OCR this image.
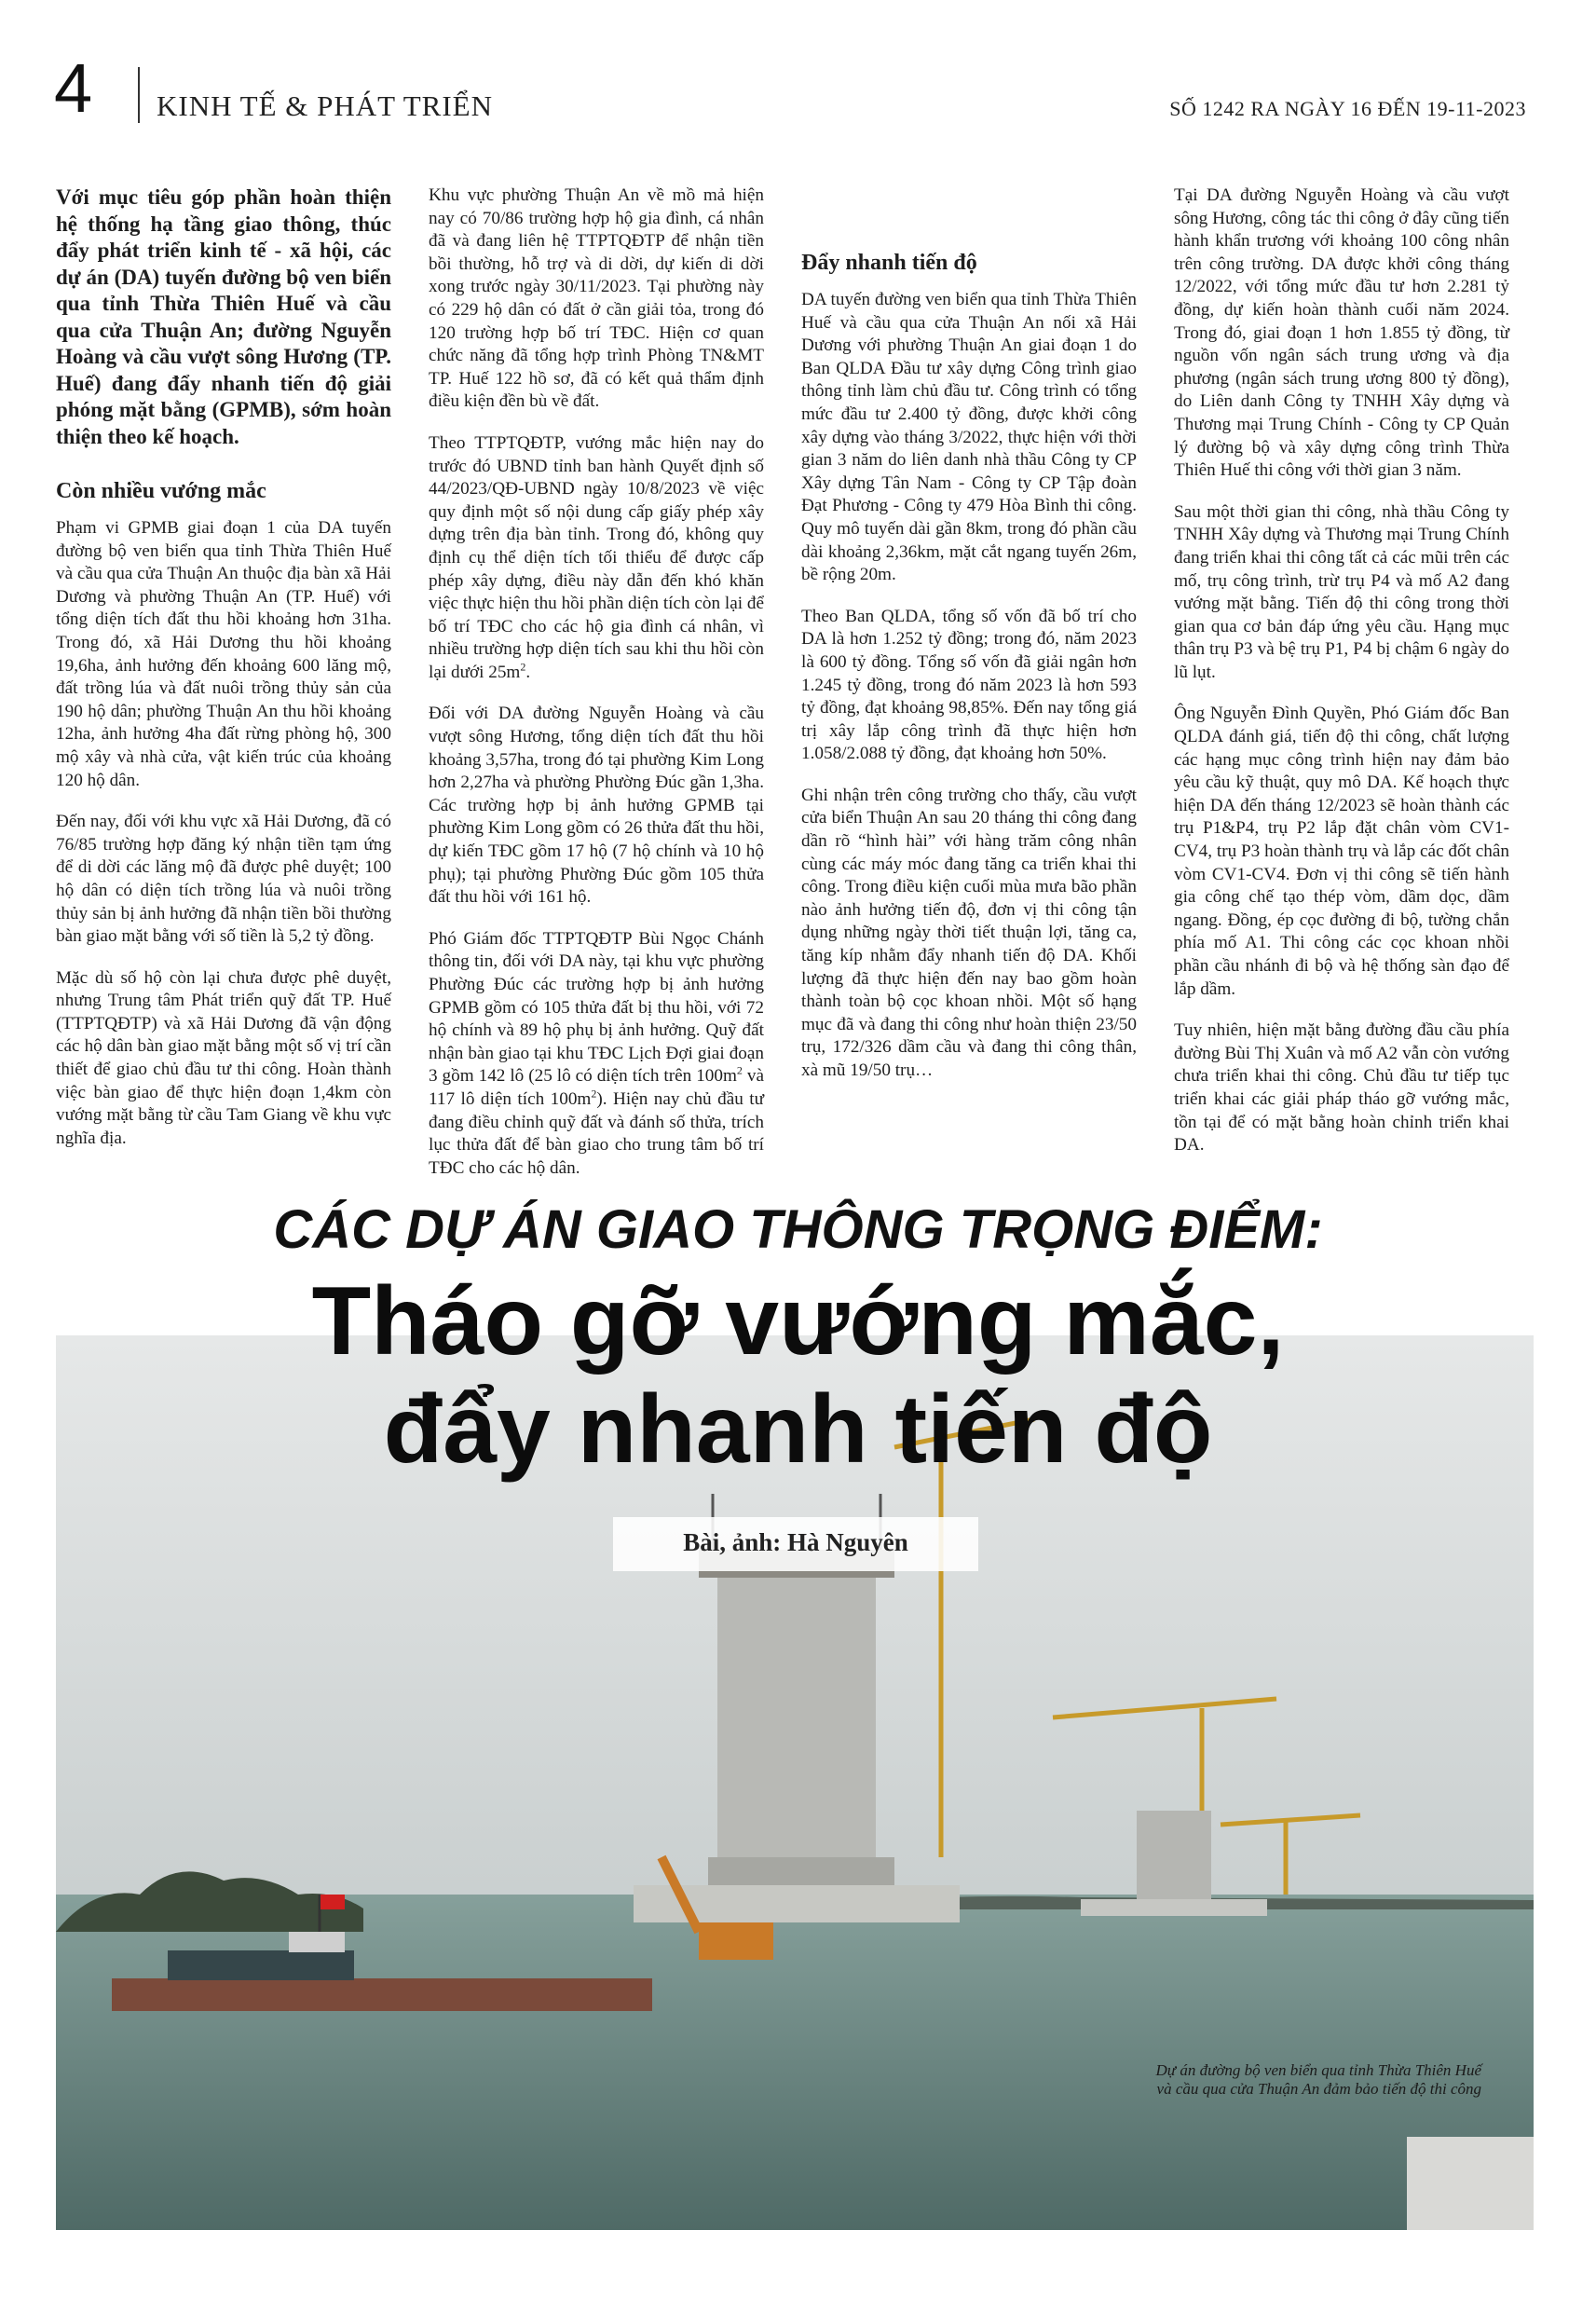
4 KINH TẾ & PHÁT TRIỂN	SỐ 1242 RA NGÀY 16 ĐẾN 19-11-2023

Với mục tiêu góp phần hoàn thiện hệ thống hạ tầng giao thông, thúc đẩy phát triển kinh tế - xã hội, các dự án (DA) tuyến đường bộ ven biển qua tỉnh Thừa Thiên Huế và cầu qua cửa Thuận An; đường Nguyễn Hoàng và cầu vượt sông Hương (TP. Huế) đang đẩy nhanh tiến độ giải phóng mặt bằng (GPMB), sớm hoàn thiện theo kế hoạch.

Còn nhiều vướng mắc

Phạm vi GPMB giai đoạn 1 của DA tuyến đường bộ ven biển qua tỉnh Thừa Thiên Huế và cầu qua cửa Thuận An thuộc địa bàn xã Hải Dương và phường Thuận An (TP. Huế) với tổng diện tích đất thu hồi khoảng hơn 31ha. Trong đó, xã Hải Dương thu hồi khoảng 19,6ha, ảnh hưởng đến khoảng 600 lăng mộ, đất trồng lúa và đất nuôi trồng thủy sản của 190 hộ dân; phường Thuận An thu hồi khoảng 12ha, ảnh hưởng 4ha đất rừng phòng hộ, 300 mộ xây và nhà cửa, vật kiến trúc của khoảng 120 hộ dân.

Đến nay, đối với khu vực xã Hải Dương, đã có 76/85 trường hợp đăng ký nhận tiền tạm ứng để di dời các lăng mộ đã được phê duyệt; 100 hộ dân có diện tích trồng lúa và nuôi trồng thủy sản bị ảnh hưởng đã nhận tiền bồi thường bàn giao mặt bằng với số tiền là 5,2 tỷ đồng.

Mặc dù số hộ còn lại chưa được phê duyệt, nhưng Trung tâm Phát triển quỹ đất TP. Huế (TTPTQĐTP) và xã Hải Dương đã vận động các hộ dân bàn giao mặt bằng một số vị trí cần thiết để giao chủ đầu tư thi công. Hoàn thành việc bàn giao để thực hiện đoạn 1,4km còn vướng mặt bằng từ cầu Tam Giang về khu vực nghĩa địa.

Khu vực phường Thuận An về mồ mả hiện nay có 70/86 trường hợp hộ gia đình, cá nhân đã và đang liên hệ TTPTQĐTP để nhận tiền bồi thường, hỗ trợ và di dời, dự kiến di dời xong trước ngày 30/11/2023. Tại phường này có 229 hộ dân có đất ở cần giải tỏa, trong đó 120 trường hợp bố trí TĐC. Hiện cơ quan chức năng đã tổng hợp trình Phòng TN&MT TP. Huế 122 hồ sơ, đã có kết quả thẩm định điều kiện đền bù về đất.

Theo TTPTQĐTP, vướng mắc hiện nay do trước đó UBND tỉnh ban hành Quyết định số 44/2023/QĐ-UBND ngày 10/8/2023 về việc quy định một số nội dung cấp giấy phép xây dựng trên địa bàn tỉnh. Trong đó, không quy định cụ thể diện tích tối thiểu để được cấp phép xây dựng, điều này dẫn đến khó khăn việc thực hiện thu hồi phần diện tích còn lại để bố trí TĐC cho các hộ gia đình cá nhân, vì nhiều trường hợp diện tích sau khi thu hồi còn lại dưới $25m^2$.

Đối với DA đường Nguyễn Hoàng và cầu vượt sông Hương, tổng diện tích đất thu hồi khoảng 3,57ha, trong đó tại phường Kim Long hơn 2,27ha và phường Phường Đúc gần 1,3ha. Các trường hợp bị ảnh hưởng GPMB tại phường Kim Long gồm có 26 thửa đất thu hồi, dự kiến TĐC gồm 17 hộ (7 hộ chính và 10 hộ phụ); tại phường Phường Đúc gồm 105 thửa đất thu hồi với 161 hộ.

Phó Giám đốc TTPTQĐTP Bùi Ngọc Chánh thông tin, đối với DA này, tại khu vực phường Phường Đúc các trường hợp bị ảnh hưởng GPMB gồm có 105 thửa đất bị thu hồi, với 72 hộ chính và 89 hộ phụ bị ảnh hưởng. Quỹ đất nhận bàn giao tại khu TĐC Lịch Đợi giai đoạn 3 gồm 142 lô (25 lô có diện tích trên $100m^2$ và 117 lô diện tích $100m^2$). Hiện nay chủ đầu tư đang điều chỉnh quỹ đất và đánh số thửa, trích lục thửa đất để bàn giao cho trung tâm bố trí TĐC cho các hộ dân.

Đẩy nhanh tiến độ

DA tuyến đường ven biển qua tỉnh Thừa Thiên Huế và cầu qua cửa Thuận An nối xã Hải Dương với phường Thuận An giai đoạn 1 do Ban QLDA Đầu tư xây dựng Công trình giao thông tỉnh làm chủ đầu tư. Công trình có tổng mức đầu tư 2.400 tỷ đồng, được khởi công xây dựng vào tháng 3/2022, thực hiện với thời gian 3 năm do liên danh nhà thầu Công ty CP Xây dựng Tân Nam - Công ty CP Tập đoàn Đạt Phương - Công ty 479 Hòa Bình thi công. Quy mô tuyến dài gần 8km, trong đó phần cầu dài khoảng 2,36km, mặt cắt ngang tuyến 26m, bề rộng 20m.

Theo Ban QLDA, tổng số vốn đã bố trí cho DA là hơn 1.252 tỷ đồng; trong đó, năm 2023 là 600 tỷ đồng. Tổng số vốn đã giải ngân hơn 1.245 tỷ đồng, trong đó năm 2023 là hơn 593 tỷ đồng, đạt khoảng 98,85%. Đến nay tổng giá trị xây lắp công trình đã thực hiện hơn 1.058/2.088 tỷ đồng, đạt khoảng hơn 50%.

Ghi nhận trên công trường cho thấy, cầu vượt cửa biển Thuận An sau 20 tháng thi công đang dần rõ “hình hài” với hàng trăm công nhân cùng các máy móc đang tăng ca triển khai thi công. Trong điều kiện cuối mùa mưa bão phần nào ảnh hưởng tiến độ, đơn vị thi công tận dụng những ngày thời tiết thuận lợi, tăng ca, tăng kíp nhằm đẩy nhanh tiến độ DA. Khối lượng đã thực hiện đến nay bao gồm hoàn thành toàn bộ cọc khoan nhồi. Một số hạng mục đã và đang thi công như hoàn thiện 23/50 trụ, 172/326 dầm cầu và đang thi công thân, xà mũ 19/50 trụ…

Tại DA đường Nguyễn Hoàng và cầu vượt sông Hương, công tác thi công ở đây cũng tiến hành khẩn trương với khoảng 100 công nhân trên công trường. DA được khởi công tháng 12/2022, với tổng mức đầu tư hơn 2.281 tỷ đồng, dự kiến hoàn thành cuối năm 2024. Trong đó, giai đoạn 1 hơn 1.855 tỷ đồng, từ nguồn vốn ngân sách trung ương và địa phương (ngân sách trung ương 800 tỷ đồng), do Liên danh Công ty TNHH Xây dựng và Thương mại Trung Chính - Công ty CP Quản lý đường bộ và xây dựng công trình Thừa Thiên Huế thi công với thời gian 3 năm.

Sau một thời gian thi công, nhà thầu Công ty TNHH Xây dựng và Thương mại Trung Chính đang triển khai thi công tất cả các mũi trên các mố, trụ công trình, trừ trụ P4 và mố A2 đang vướng mặt bằng. Tiến độ thi công trong thời gian qua cơ bản đáp ứng yêu cầu. Hạng mục thân trụ P3 và bệ trụ P1, P4 bị chậm 6 ngày do lũ lụt.

Ông Nguyễn Đình Quyền, Phó Giám đốc Ban QLDA đánh giá, tiến độ thi công, chất lượng các hạng mục công trình hiện nay đảm bảo yêu cầu kỹ thuật, quy mô DA. Kế hoạch thực hiện DA đến tháng 12/2023 sẽ hoàn thành các trụ P1&P4, trụ P2 lắp đặt chân vòm CV1-CV4, trụ P3 hoàn thành trụ và lắp các đốt chân vòm CV1-CV4. Đơn vị thi công sẽ tiến hành gia công chế tạo thép vòm, dầm dọc, dầm ngang. Đồng, ép cọc đường đi bộ, tường chắn phía mố A1. Thi công các cọc khoan nhồi phần cầu nhánh đi bộ và hệ thống sàn đạo để lắp dầm.

Tuy nhiên, hiện mặt bằng đường đầu cầu phía đường Bùi Thị Xuân và mố A2 vẫn còn vướng chưa triển khai thi công. Chủ đầu tư tiếp tục triển khai các giải pháp tháo gỡ vướng mắc, tồn tại để có mặt bằng hoàn chỉnh triển khai DA.

CÁC DỰ ÁN GIAO THÔNG TRỌNG ĐIỂM:
Tháo gỡ vướng mắc,
đẩy nhanh tiến độ
Bài, ảnh: Hà Nguyên
Dự án đường bộ ven biển qua tỉnh Thừa Thiên Huế
và cầu qua cửa Thuận An đảm bảo tiến độ thi công
